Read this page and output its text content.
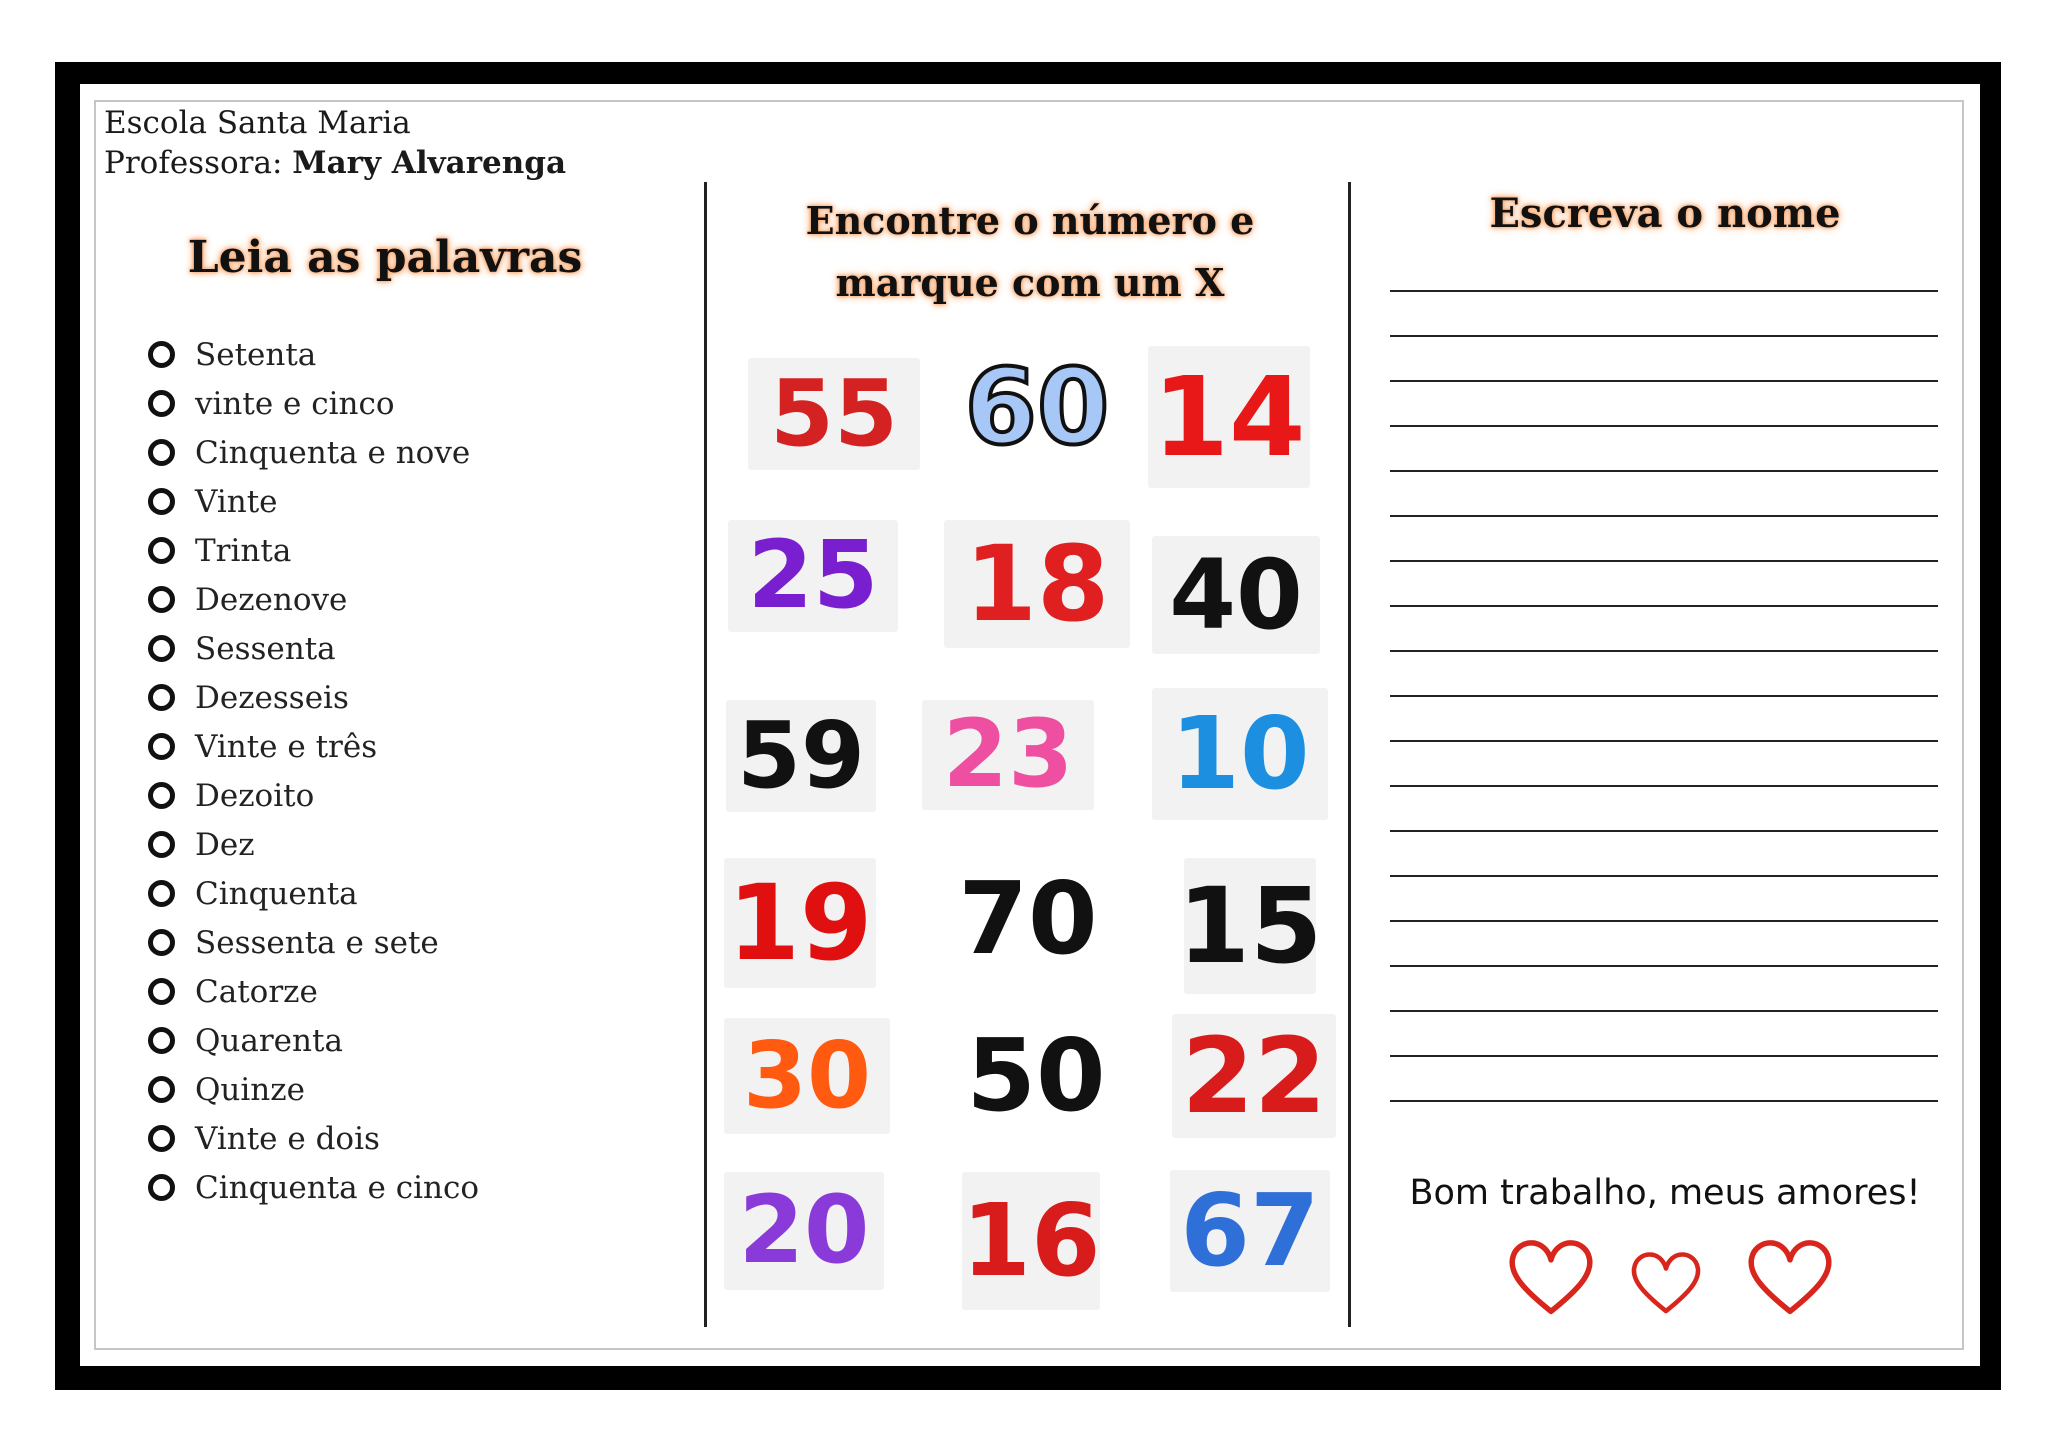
Escola Santa Maria
Professora: Mary Alvarenga
Leia as palavras
Setenta
vinte e cinco
Cinquenta e nove
Vinte
Trinta
Dezenove
Sessenta
Dezesseis
Vinte e três
Dezoito
Dez
Cinquenta
Sessenta e sete
Catorze
Quarenta
Quinze
Vinte e dois
Cinquenta e cinco
Encontre o número e
marque com um X
55 60 14
25 18 40
59 23 10
19 70 15
30 50 22
20 16 67
Escreva o nome
Bom trabalho, meus amores!
